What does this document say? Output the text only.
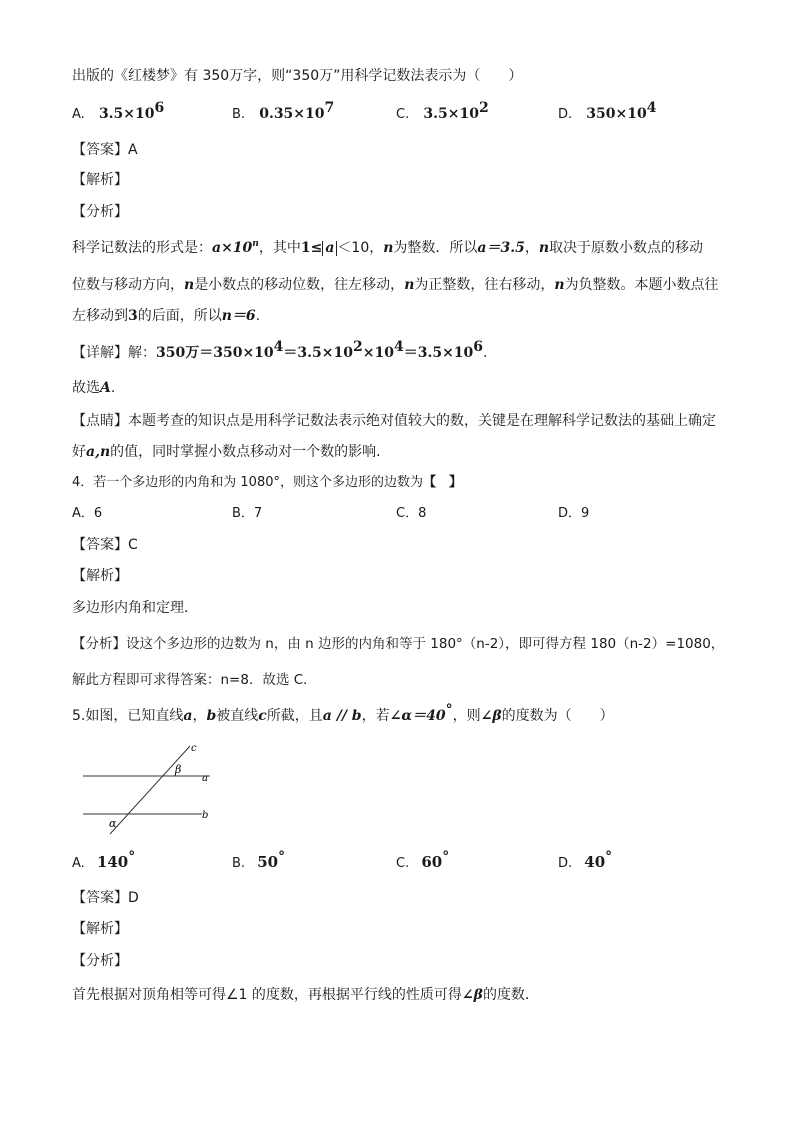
出版的《红楼梦》有 350万字，则“350万”用科学记数法表示为（　　）
A. $3.5\times 10^6$	B. $0.35\times 10^7$	C. $3.5\times 10^2$	D. $350\times 10^4$
【答案】A
【解析】
【分析】
科学记数法的形式是：$a\times 10^n$，其中1≤ a ＜10，n为整数．所以a＝3.5，n取决于原数小数点的移动
位数与移动方向，n是小数点的移动位数，往左移动，n为正整数，往右移动，n为负整数。本题小数点往
左移动到3的后面，所以n＝6.
【详解】解：350万$=350\times 10^4=3.5\times 10^2\times 10^4=3.5\times 10^6$.
故选A.
【点睛】本题考查的知识点是用科学记数法表示绝对值较大的数，关键是在理解科学记数法的基础上确定
好a,n的值，同时掌握小数点移动对一个数的影响．
4．若一个多边形的内角和为 1080°，则这个多边形的边数为【　】
A．6	B．7	C．8	D．9
【答案】C
【解析】
多边形内角和定理．
【分析】设这个多边形的边数为 n，由 n 边形的内角和等于 180°（n-2），即可得方程 180（n-2）=1080，
解此方程即可求得答案：n=8．故选 C．
5.如图，已知直线a，b被直线c所截，且a // b，若∠α＝40°，则∠β的度数为（　　）
c
a
b
β
α
A. 140°	B. 50°	C. 60°	D. 40°
【答案】D
【解析】
【分析】
首先根据对顶角相等可得∠1 的度数，再根据平行线的性质可得∠β的度数．
